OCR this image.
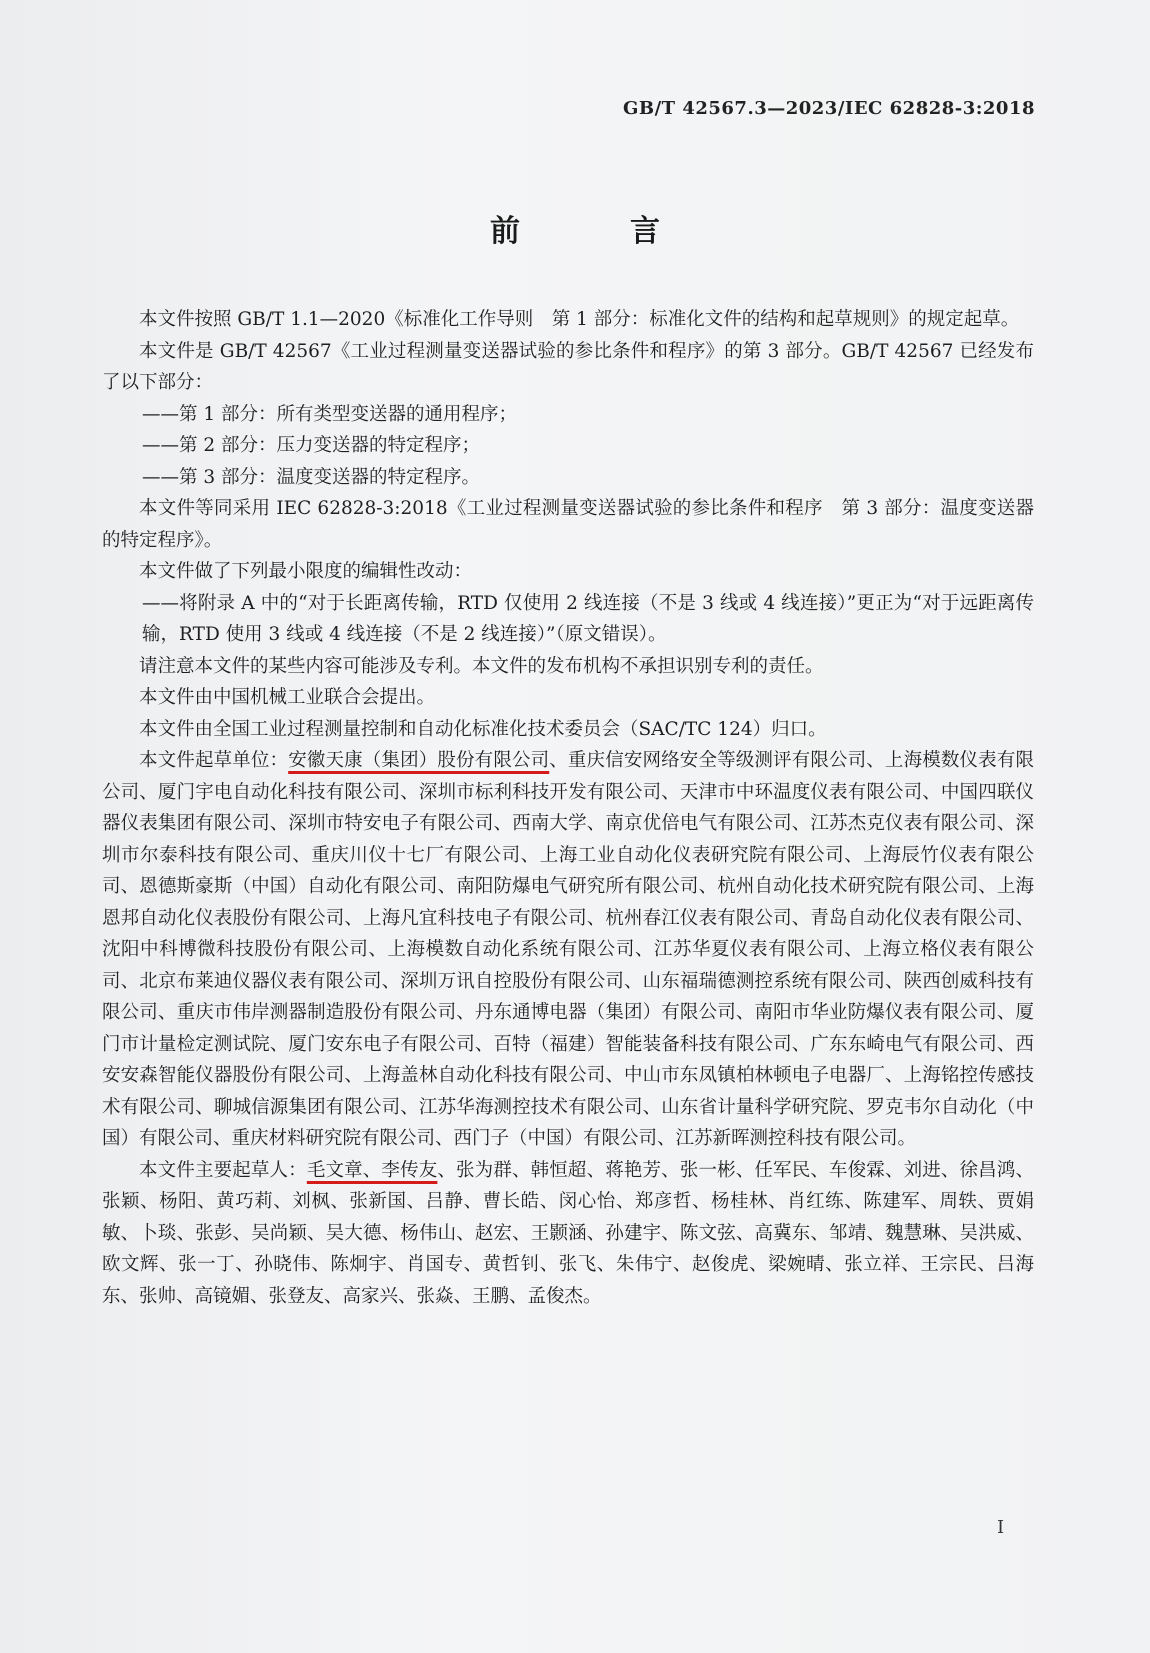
GB/T 42567.3—2023/IEC 62828-3:2018
前　言

本文件按照 GB/T 1.1—2020《标准化工作导则　第 1 部分：标准化文件的结构和起草规则》的规定起草。

本文件是 GB/T 42567《工业过程测量变送器试验的参比条件和程序》的第 3 部分。GB/T 42567 已经发布了以下部分：

——第 1 部分：所有类型变送器的通用程序；

——第 2 部分：压力变送器的特定程序；

——第 3 部分：温度变送器的特定程序。

本文件等同采用 IEC 62828-3:2018《工业过程测量变送器试验的参比条件和程序　第 3 部分：温度变送器的特定程序》。

本文件做了下列最小限度的编辑性改动：

——将附录 A 中的“对于长距离传输，RTD 仅使用 2 线连接（不是 3 线或 4 线连接）”更正为“对于远距离传输，RTD 使用 3 线或 4 线连接（不是 2 线连接）”（原文错误）。

请注意本文件的某些内容可能涉及专利。本文件的发布机构不承担识别专利的责任。

本文件由中国机械工业联合会提出。

本文件由全国工业过程测量控制和自动化标准化技术委员会（SAC/TC 124）归口。

本文件起草单位：安徽天康（集团）股份有限公司、重庆信安网络安全等级测评有限公司、上海模数仪表有限公司、厦门宇电自动化科技有限公司、深圳市标利科技开发有限公司、天津市中环温度仪表有限公司、中国四联仪器仪表集团有限公司、深圳市特安电子有限公司、西南大学、南京优倍电气有限公司、江苏杰克仪表有限公司、深圳市尔泰科技有限公司、重庆川仪十七厂有限公司、上海工业自动化仪表研究院有限公司、上海辰竹仪表有限公司、恩德斯豪斯（中国）自动化有限公司、南阳防爆电气研究所有限公司、杭州自动化技术研究院有限公司、上海恩邦自动化仪表股份有限公司、上海凡宜科技电子有限公司、杭州春江仪表有限公司、青岛自动化仪表有限公司、沈阳中科博微科技股份有限公司、上海模数自动化系统有限公司、江苏华夏仪表有限公司、上海立格仪表有限公司、北京布莱迪仪器仪表有限公司、深圳万讯自控股份有限公司、山东福瑞德测控系统有限公司、陕西创威科技有限公司、重庆市伟岸测器制造股份有限公司、丹东通博电器（集团）有限公司、南阳市华业防爆仪表有限公司、厦门市计量检定测试院、厦门安东电子有限公司、百特（福建）智能装备科技有限公司、广东东崎电气有限公司、西安安森智能仪器股份有限公司、上海盖林自动化科技有限公司、中山市东凤镇柏林顿电子电器厂、上海铭控传感技术有限公司、聊城信源集团有限公司、江苏华海测控技术有限公司、山东省计量科学研究院、罗克韦尔自动化（中国）有限公司、重庆材料研究院有限公司、西门子（中国）有限公司、江苏新晖测控科技有限公司。

本文件主要起草人：毛文章、李传友、张为群、韩恒超、蒋艳芳、张一彬、任军民、车俊霖、刘进、徐昌鸿、张颖、杨阳、黄巧莉、刘枫、张新国、吕静、曹长皓、闵心怡、郑彦哲、杨桂林、肖红练、陈建军、周轶、贾娟敏、卜琰、张彭、吴尚颖、吴大德、杨伟山、赵宏、王颢涵、孙建宇、陈文弦、高冀东、邹靖、魏慧琳、吴洪威、欧文辉、张一丁、孙晓伟、陈炯宇、肖国专、黄哲钊、张飞、朱伟宁、赵俊虎、梁婉晴、张立祥、王宗民、吕海东、张帅、高镜媚、张登友、高家兴、张焱、王鹏、孟俊杰。

I
